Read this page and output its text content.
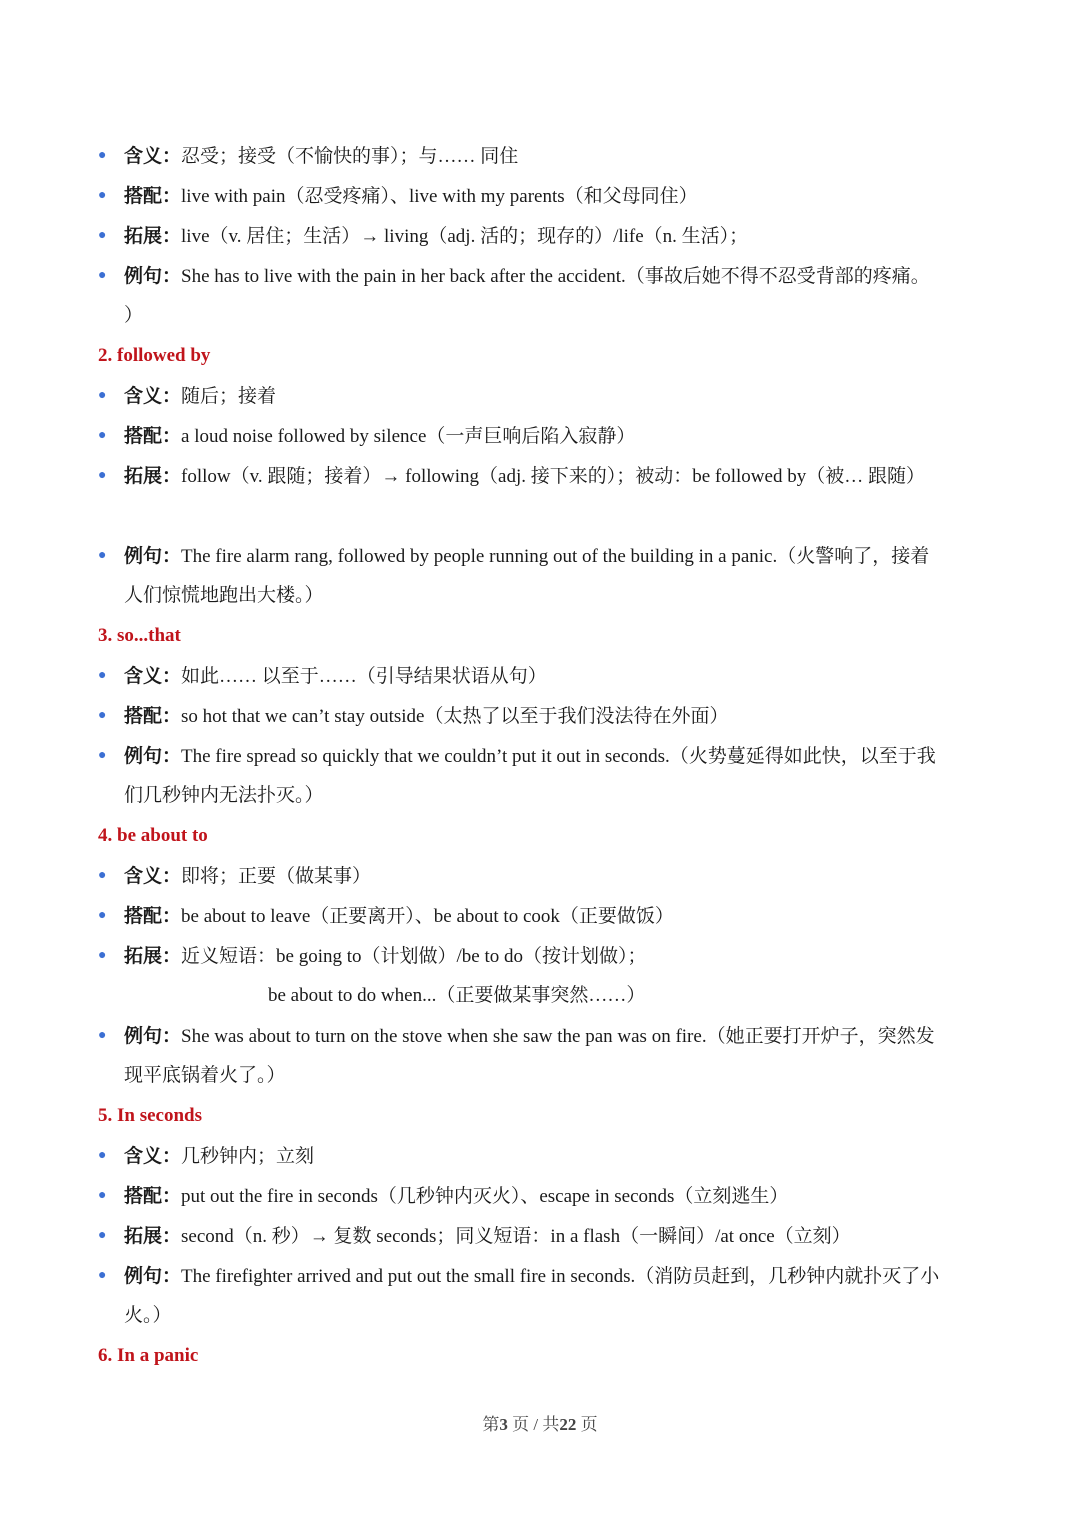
● 含义：忍受；接受（不愉快的事）；与…… 同住
● 搭配：live with pain（忍受疼痛）、live with my parents（和父母同住）
● 拓展：live（v. 居住；生活）→ living（adj. 活的；现存的）/life（n. 生活）；
● 例句：She has to live with the pain in her back after the accident.（事故后她不得不忍受背部的疼痛。
）
2. followed by
● 含义：随后；接着
● 搭配：a loud noise followed by silence（一声巨响后陷入寂静）
● 拓展：follow（v. 跟随；接着）→ following（adj. 接下来的）；被动：be followed by（被… 跟随）
● 例句：The fire alarm rang, followed by people running out of the building in a panic.（火警响了，接着
人们惊慌地跑出大楼。）
3. so...that
● 含义：如此…… 以至于……（引导结果状语从句）
● 搭配：so hot that we can’t stay outside（太热了以至于我们没法待在外面）
● 例句：The fire spread so quickly that we couldn’t put it out in seconds.（火势蔓延得如此快，以至于我
们几秒钟内无法扑灭。）
4. be about to
● 含义：即将；正要（做某事）
● 搭配：be about to leave（正要离开）、be about to cook（正要做饭）
● 拓展：近义短语：be going to（计划做）/be to do（按计划做）；
be about to do when...（正要做某事突然……）
● 例句：She was about to turn on the stove when she saw the pan was on fire.（她正要打开炉子，突然发
现平底锅着火了。）
5. In seconds
● 含义：几秒钟内；立刻
● 搭配：put out the fire in seconds（几秒钟内灭火）、escape in seconds（立刻逃生）
● 拓展：second（n. 秒）→ 复数 seconds；同义短语：in a flash（一瞬间）/at once（立刻）
● 例句：The firefighter arrived and put out the small fire in seconds.（消防员赶到，几秒钟内就扑灭了小
火。）
6. In a panic
第3 页 / 共22 页
